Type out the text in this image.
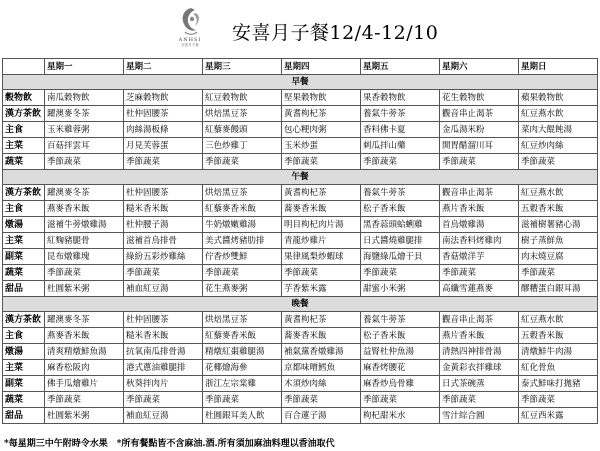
ANHSI
安喜月子餐
安喜月子餐12/4-12/10
	星期一	星期二	星期三	星期四	星期五	星期六	星期日
早餐							
穀物飲	南瓜穀物飲	芝麻穀物飲	紅豆穀物飲	堅果穀物飲	果香穀物飲	花生穀物飲	蘋果穀物飲
漢方茶飲	躍澳麥冬茶	杜仲固腰茶	烘焙黑豆茶	黃耆枸杞茶	養氣牛蒡茶	觀音串止渴茶	紅豆燕水飲
主食	玉米雞蓉粥	肉絲湯板條	紅藜麥饅頭	包心粳肉粥	香料佛卡夏	金瓜湯米粉	菜肉大餛飩湯
主菜	百菇拌雲耳	月見芙蓉蛋	三色炒雞丁	玉米炒蛋	刺瓜拌山藥	開胃醋溜川耳	紅豆炒肉絲
蔬菜	季節蔬菜	季節蔬菜	季節蔬菜	季節蔬菜	季節蔬菜	季節蔬菜	季節蔬菜
午餐							
漢方茶飲	躍澳麥冬茶	杜仲固腰茶	烘焙黑豆茶	黃耆枸杞茶	養氣牛蒡茶	觀音串止渴茶	紅豆燕水飲
主食	燕麥香米飯	糙米香米飯	紅藜麥香米飯	蕎麥香米飯	松子香米飯	燕片香米飯	五穀香米飯
燉湯	滋補牛蒡燉雞湯	杜仲腰子湯	牛奶燉嫩雞湯	明目枸杞肉片湯	黑香蒜頭蛤蜊雞	首烏燉雞湯	滋補樹薯豬心湯
主菜	紅麴豬腿骨	滋補首烏排骨	美式醬烤豬肋排	青龍炒雞片	日式醬燒雞腿排	南法香料烤雞肉	樹子蒸鮮魚
副菜	昆布燉雞塊	綠紛五彩炒雞絲	佇香炒雙鮮	果律風梨炒蝦球	海鹽綠瓜燴干貝	香菇燉洋芋	肉末燒豆腐
蔬菜	季節蔬菜	季節蔬菜	季節蔬菜	季節蔬菜	季節蔬菜	季節蔬菜	季節蔬菜
甜品	杜圓紫米粥	補血紅豆湯	花生燕麥粥	芋香紫米露	甜蜜小米粥	高纖雪蓮燕麥	醪糟蛋白銀耳湯
晚餐							
漢方茶飲	躍澳麥冬茶	杜仲固腰茶	烘焙黑豆茶	黃耆枸杞茶	養氣牛蒡茶	觀音串止渴茶	紅豆燕水飲
主食	燕麥香米飯	糙米香米飯	紅藜麥香米飯	蕎麥香米飯	松子香米飯	燕片香米飯	五穀香米飯
燉湯	清爽精燉鮮魚湯	抗氧南瓜排骨湯	精燉紅棗雞腿湯	補氣黨香燉雞湯	益腎杜仲魚湯	清熱四神排骨湯	清燉鮮牛肉湯
主菜	麻香松阪肉	港式蔥油雞腿排	花椰燴海參	京都味噌鱈魚	麻香烤腰花	金黃彩衣拌雞球	紅化骨魚
副菜	佛手瓜燴雞片	秋葵拌肉片	浙江左宗棠雞	木須炒肉絲	麻香炒烏骨雞	日式茶碗蒸	泰式鮮味打拋豬
蔬菜	季節蔬菜	季節蔬菜	季節蔬菜	季節蔬菜	季節蔬菜	季節蔬菜	季節蔬菜
甜品	杜圓紫米粥	補血紅豆湯	杜圓銀耳美人飲	百合蓮子湯	枸杞甜米水	雪汁綜合圓	紅豆西米露
*每星期三中午附時令水果　*所有餐點皆不含麻油.酒.所有須加麻油料理以香油取代
